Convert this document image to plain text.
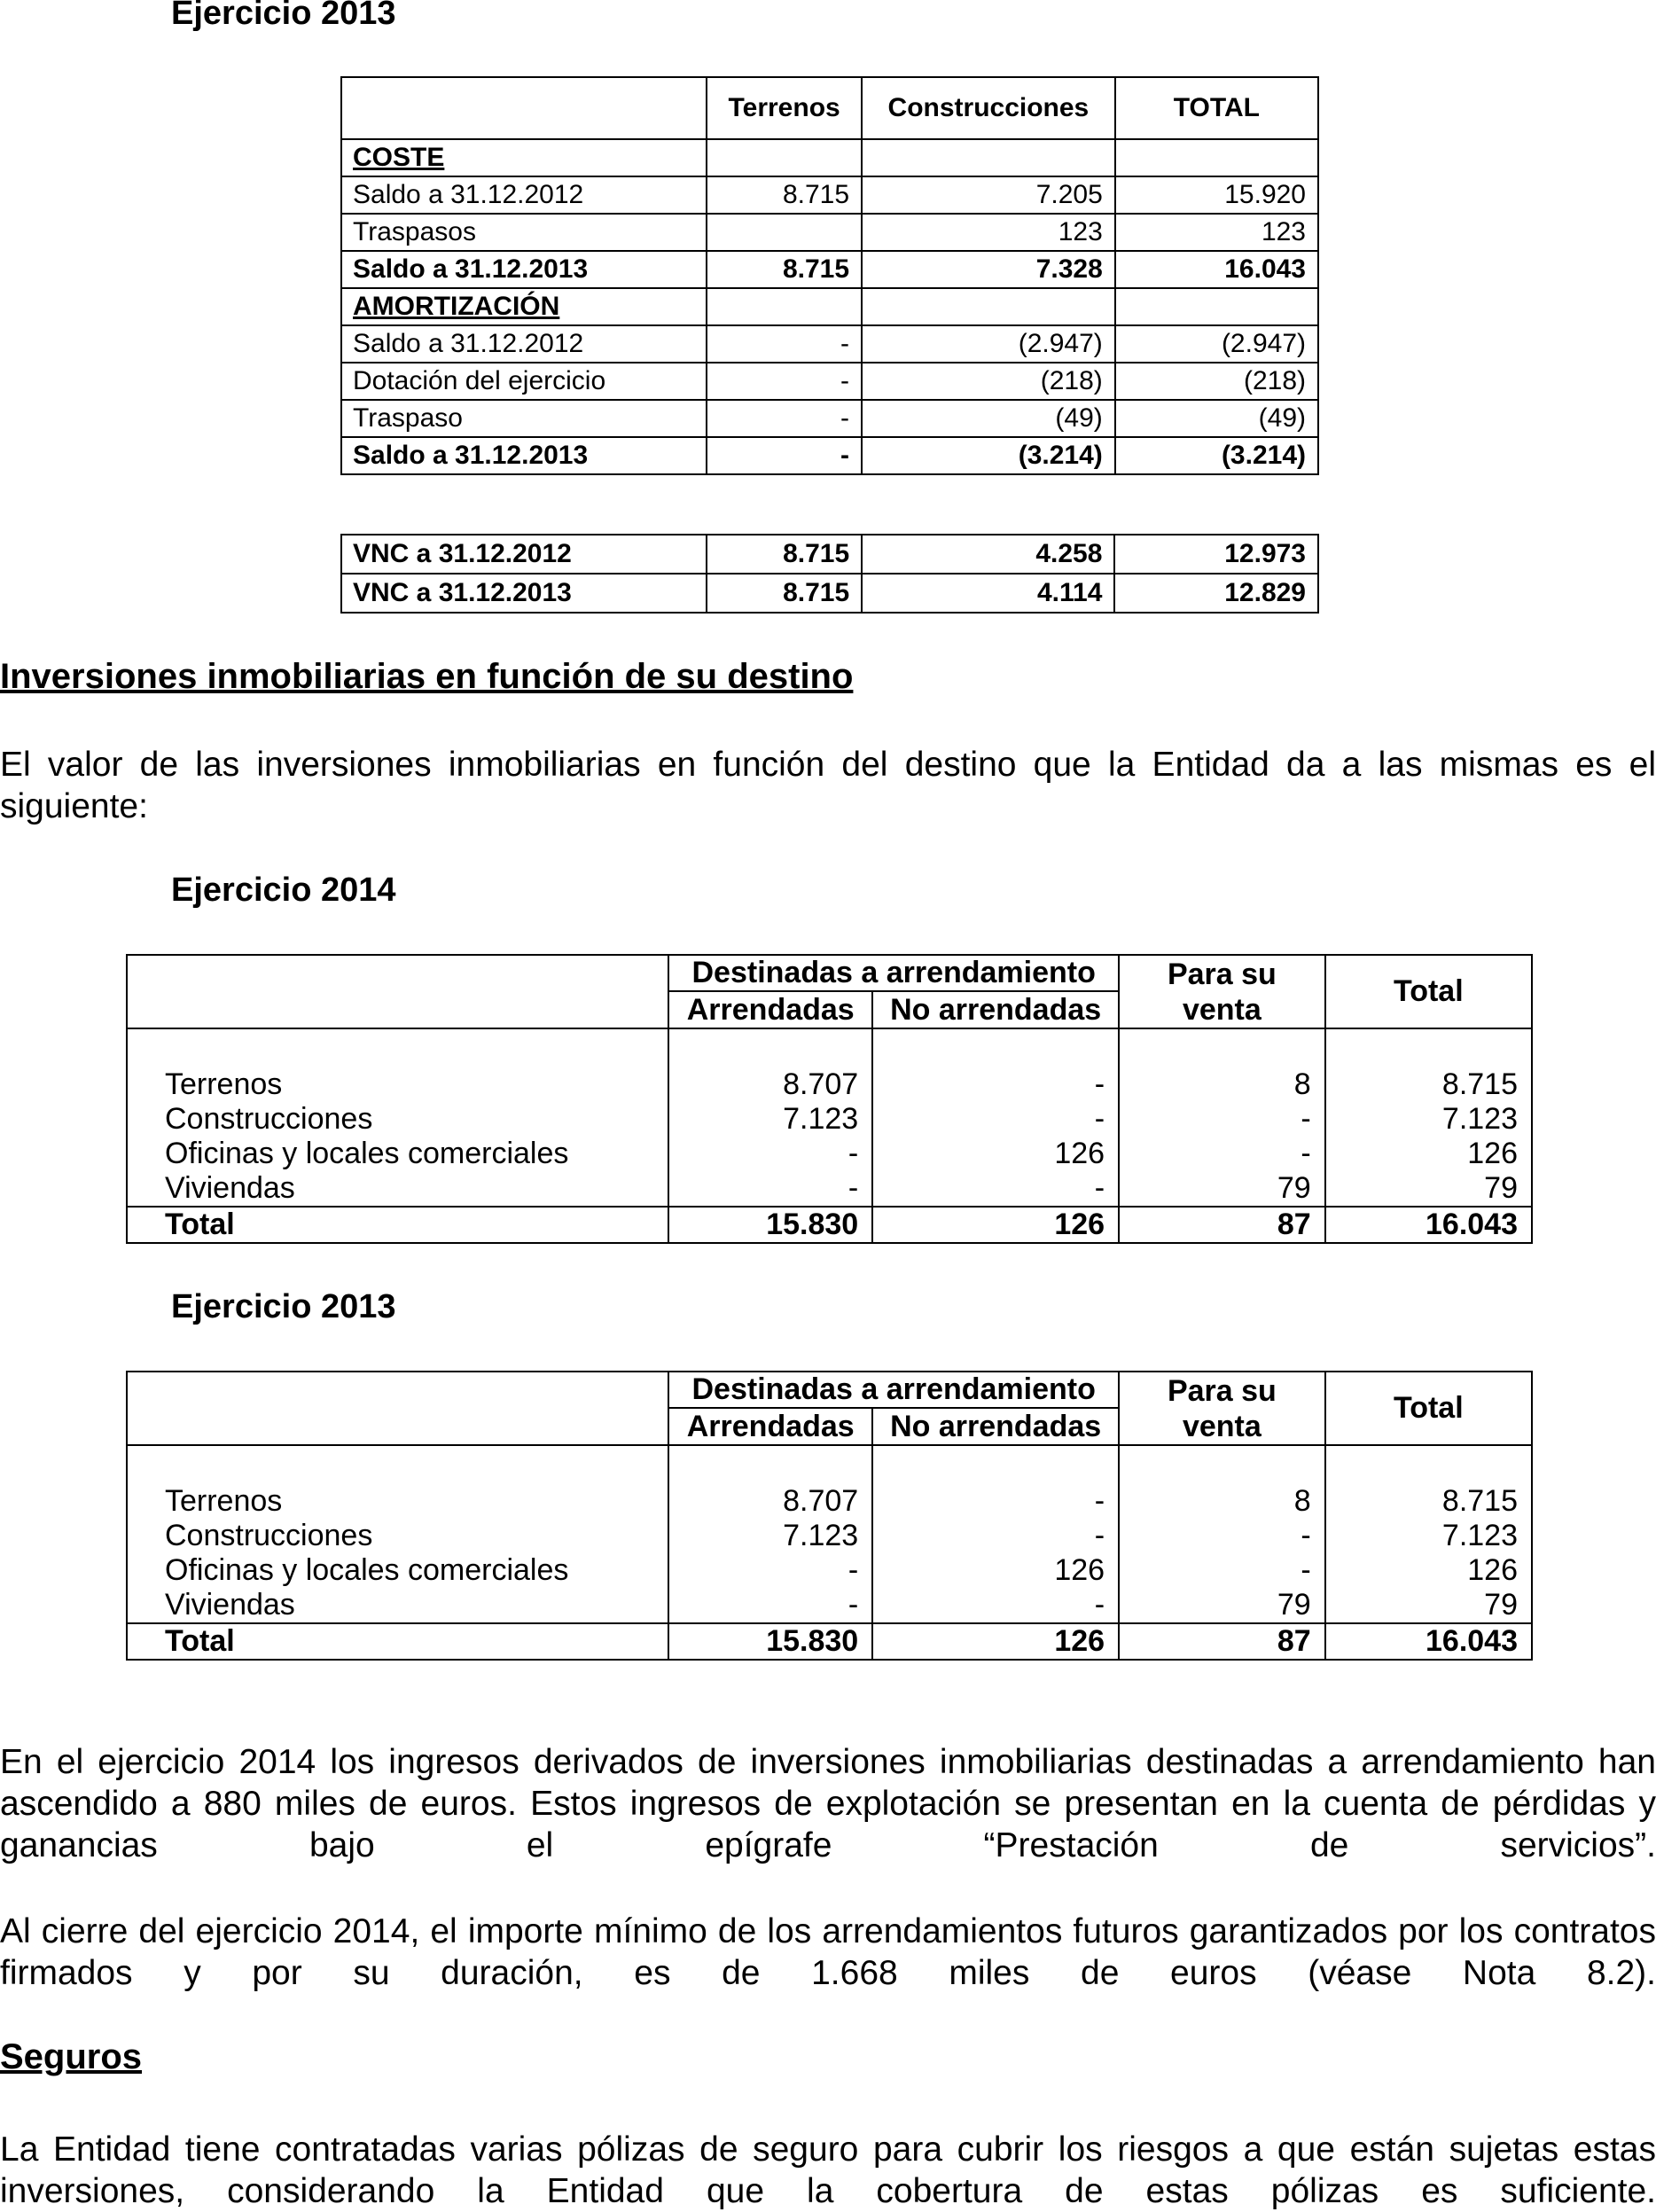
Ejercicio 2013
	Terrenos	Construcciones	TOTAL
COSTE			
Saldo a 31.12.2012	8.715	7.205	15.920
Traspasos		123	123
Saldo a 31.12.2013	8.715	7.328	16.043
AMORTIZACIÓN			
Saldo a 31.12.2012	-	(2.947)	(2.947)
Dotación del ejercicio	-	(218)	(218)
Traspaso	-	(49)	(49)
Saldo a 31.12.2013	-	(3.214)	(3.214)
VNC a 31.12.2012	8.715	4.258	12.973
VNC a 31.12.2013	8.715	4.114	12.829
Inversiones inmobiliarias en función de su destino
El valor de las inversiones inmobiliarias en función del destino que la Entidad da a las mismas es el siguiente:
Ejercicio 2014
	Destinadas a arrendamiento		Para su venta	Total
	Arrendadas	No arrendadas		

Terrenos	8.707	-	8	8.715
Construcciones	7.123	-	-	7.123
Oficinas y locales comerciales	-	126	-	126
Viviendas	-	-	79	79
Total	15.830	126	87	16.043
Ejercicio 2013
	Destinadas a arrendamiento		Para su venta	Total
	Arrendadas	No arrendadas		

Terrenos	8.707	-	8	8.715
Construcciones	7.123	-	-	7.123
Oficinas y locales comerciales	-	126	-	126
Viviendas	-	-	79	79
Total	15.830	126	87	16.043
En el ejercicio 2014 los ingresos derivados de inversiones inmobiliarias destinadas a arrendamiento han ascendido a 880 miles de euros. Estos ingresos de explotación se presentan en la cuenta de pérdidas y ganancias bajo el epígrafe “Prestación de servicios”.
Al cierre del ejercicio 2014, el importe mínimo de los arrendamientos futuros garantizados por los contratos firmados y por su duración, es de 1.668 miles de euros (véase Nota 8.2).
Seguros
La Entidad tiene contratadas varias pólizas de seguro para cubrir los riesgos a que están sujetas estas inversiones, considerando la Entidad que la cobertura de estas pólizas es suficiente.
